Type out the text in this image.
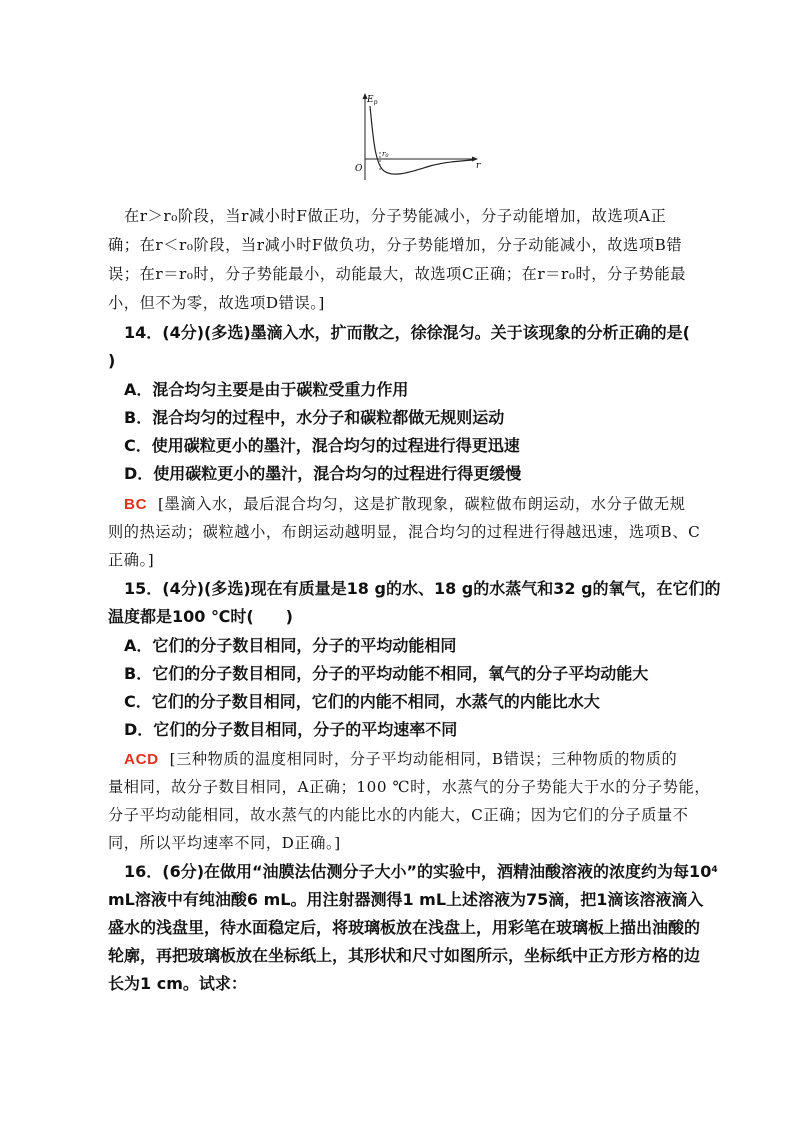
$E_p$
r
O
r0
在r＞r₀阶段，当r减小时F做正功，分子势能减小，分子动能增加，故选项A正
确；在r＜r₀阶段，当r减小时F做负功，分子势能增加，分子动能减小，故选项B错
误；在r＝r₀时，分子势能最小，动能最大，故选项C正确；在r＝r₀时，分子势能最
小，但不为零，故选项D错误。]
14．(4分)(多选)墨滴入水，扩而散之，徐徐混匀。关于该现象的分析正确的是(
)
A．混合均匀主要是由于碳粒受重力作用
B．混合均匀的过程中，水分子和碳粒都做无规则运动
C．使用碳粒更小的墨汁，混合均匀的过程进行得更迅速
D．使用碳粒更小的墨汁，混合均匀的过程进行得更缓慢
BC [墨滴入水，最后混合均匀，这是扩散现象，碳粒做布朗运动，水分子做无规
则的热运动；碳粒越小，布朗运动越明显，混合均匀的过程进行得越迅速，选项B、C
正确。]
15．(4分)(多选)现在有质量是18 g的水、18 g的水蒸气和32 g的氧气，在它们的
温度都是100 ℃时(　　)
A．它们的分子数目相同，分子的平均动能相同
B．它们的分子数目相同，分子的平均动能不相同，氧气的分子平均动能大
C．它们的分子数目相同，它们的内能不相同，水蒸气的内能比水大
D．它们的分子数目相同，分子的平均速率不同
ACD [三种物质的温度相同时，分子平均动能相同，B错误；三种物质的物质的
量相同，故分子数目相同，A正确；100 ℃时，水蒸气的分子势能大于水的分子势能，
分子平均动能相同，故水蒸气的内能比水的内能大，C正确；因为它们的分子质量不
同，所以平均速率不同，D正确。]
16．(6分)在做用“油膜法估测分子大小”的实验中，酒精油酸溶液的浓度约为每$10^4$
mL溶液中有纯油酸6 mL。用注射器测得1 mL上述溶液为75滴，把1滴该溶液滴入
盛水的浅盘里，待水面稳定后，将玻璃板放在浅盘上，用彩笔在玻璃板上描出油酸的
轮廓，再把玻璃板放在坐标纸上，其形状和尺寸如图所示，坐标纸中正方形方格的边
长为1 cm。试求：
